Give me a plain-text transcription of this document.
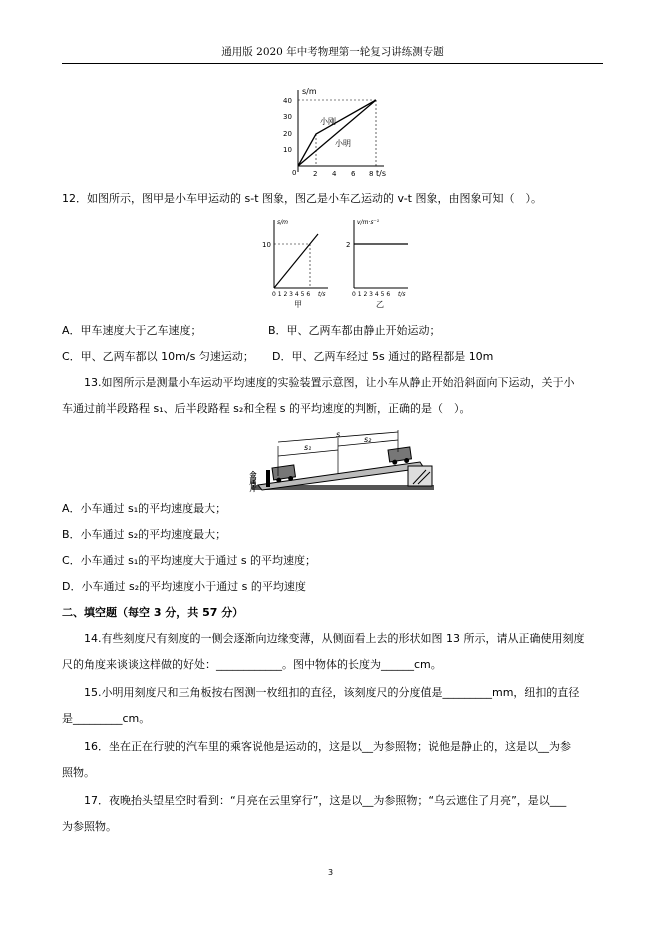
通用版 2020 年中考物理第一轮复习讲练测专题
s/m
t/s
0
10
20
30
40
2 4 6 8
小刚
小明
12．如图所示，图甲是小车甲运动的 s-t 图象，图乙是小车乙运动的 v-t 图象，由图象可知（　）。
s/m
10
0 1 2 3 4 5 6 t/s
甲
v/m·s⁻¹
2
0 1 2 3 4 5 6 t/s
乙
A．甲车速度大于乙车速度；	B．甲、乙两车都由静止开始运动；
C．甲、乙两车都以 10m/s 匀速运动； D．甲、乙两车经过 5s 通过的路程都是 10m
13.如图所示是测量小车运动平均速度的实验装置示意图，让小车从静止开始沿斜面向下运动，关于小
车通过前半段路程 s₁、后半段路程 s₂和全程 s 的平均速度的判断，正确的是（　）。
金属片
s
s₁
s₂
A．小车通过 s₁的平均速度最大；
B．小车通过 s₂的平均速度最大；
C．小车通过 s₁的平均速度大于通过 s 的平均速度；
D．小车通过 s₂的平均速度小于通过 s 的平均速度
二、填空题（每空 3 分，共 57 分）
14.有些刻度尺有刻度的一侧会逐渐向边缘变薄，从侧面看上去的形状如图 13 所示，请从正确使用刻度
尺的角度来谈谈这样做的好处：____________。图中物体的长度为______cm。
15.小明用刻度尺和三角板按右图测一枚纽扣的直径，该刻度尺的分度值是_________mm，纽扣的直径
是_________cm。
16．坐在正在行驶的汽车里的乘客说他是运动的，这是以__为参照物；说他是静止的，这是以__为参
照物。
17．夜晚抬头望星空时看到：“月亮在云里穿行”，这是以__为参照物；“乌云遮住了月亮”，是以___
为参照物。
3
